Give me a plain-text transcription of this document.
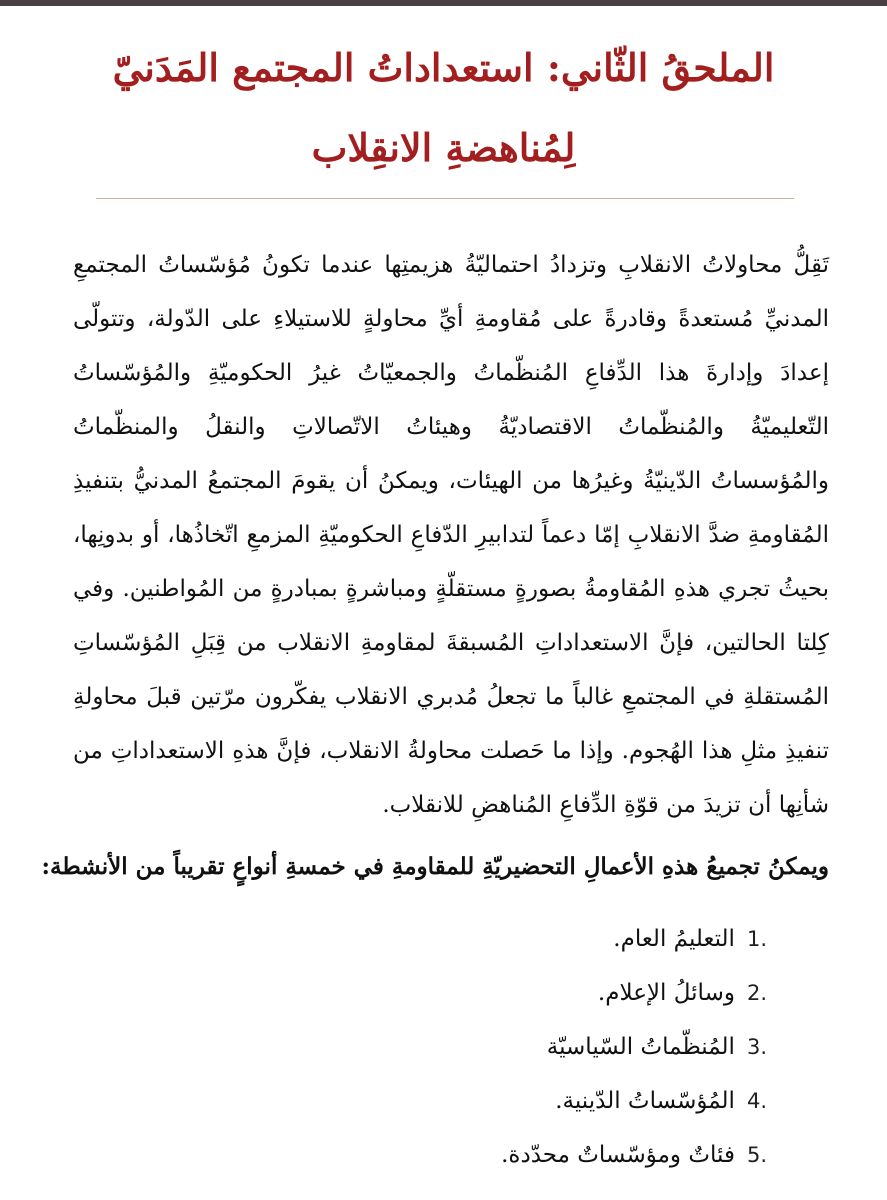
الملحقُ الثّاني: استعداداتُ المجتمع المَدَنيّ لِمُناهضةِ الانقِلاب

تَقِلُّ محاولاتُ الانقلابِ وتزدادُ احتماليّةُ هزيمتِها عندما تكونُ مُؤسّساتُ المجتمعِ المدنيِّ مُستعدةً وقادرةً على مُقاومةِ أيِّ محاولةٍ للاستيلاءِ على الدّولة، وتتولّى إعدادَ وإدارةَ هذا الدِّفاعِ المُنظّماتُ والجمعيّاتُ غيرُ الحكوميّةِ والمُؤسّساتُ التّعليميّةُ والمُنظّماتُ الاقتصاديّةُ وهيئاتُ الاتّصالاتِ والنقلُ والمنظّماتُ والمُؤسساتُ الدّينيّةُ وغيرُها من الهيئات، ويمكنُ أن يقومَ المجتمعُ المدنيُّ بتنفيذِ المُقاومةِ ضدَّ الانقلابِ إمّا دعماً لتدابيرِ الدّفاعِ الحكوميّةِ المزمعِ اتّخاذُها، أو بدونِها، بحيثُ تجري هذهِ المُقاومةُ بصورةٍ مستقلّةٍ ومباشرةٍ بمبادرةٍ من المُواطنين. وفي كِلتا الحالتين، فإنَّ الاستعداداتِ المُسبقةَ لمقاومةِ الانقلاب من قِبَلِ المُؤسّساتِ المُستقلةِ في المجتمعِ غالباً ما تجعلُ مُدبري الانقلاب يفكّرون مرّتين قبلَ محاولةِ تنفيذِ مثلِ هذا الهُجوم. وإذا ما حَصلت محاولةُ الانقلاب، فإنَّ هذهِ الاستعداداتِ من شأنِها أن تزيدَ من قوّةِ الدِّفاعِ المُناهضِ للانقلاب.

ويمكنُ تجميعُ هذهِ الأعمالِ التحضيريّةِ للمقاومةِ في خمسةِ أنواعٍ تقريباً من الأنشطة:

1.التعليمُ العام.
2.وسائلُ الإعلام.
3.المُنظّماتُ السّياسيّة
4.المُؤسّساتُ الدّينية.
5.فئاتٌ ومؤسّساتٌ محدّدة.
